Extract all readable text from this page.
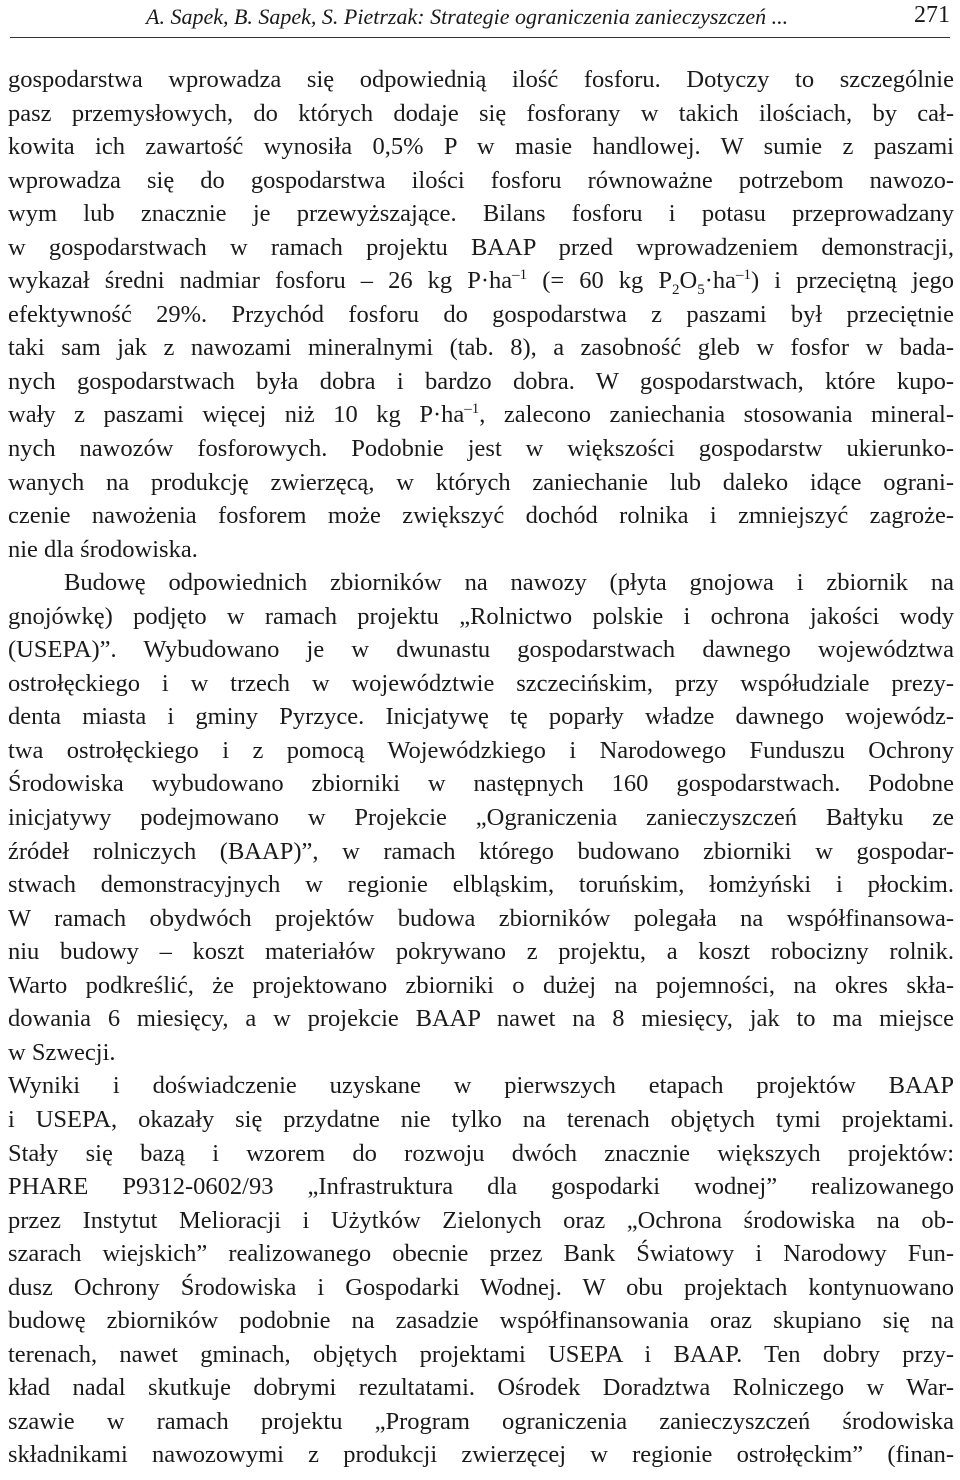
A. Sapek, B. Sapek, S. Pietrzak: Strategie ograniczenia zanieczyszczeń ...	271
gospodarstwa wprowadza się odpowiednią ilość fosforu. Dotyczy to szczególnie
pasz przemysłowych, do których dodaje się fosforany w takich ilościach, by cał-
kowita ich zawartość wynosiła 0,5% P w masie handlowej. W sumie z paszami
wprowadza się do gospodarstwa ilości fosforu równoważne potrzebom nawozo-
wym lub znacznie je przewyższające. Bilans fosforu i potasu przeprowadzany
w gospodarstwach w ramach projektu BAAP przed wprowadzeniem demonstracji,
wykazał średni nadmiar fosforu – 26 kg $P\cdot ha^{-1}$ (= 60 kg $P_2O_5\cdot ha^{-1}$) i przeciętną jego
efektywność 29%. Przychód fosforu do gospodarstwa z paszami był przeciętnie
taki sam jak z nawozami mineralnymi (tab. 8), a zasobność gleb w fosfor w bada-
nych gospodarstwach była dobra i bardzo dobra. W gospodarstwach, które kupo-
wały z paszami więcej niż 10 kg $P\cdot ha^{-1}$, zalecono zaniechania stosowania mineral-
nych nawozów fosforowych. Podobnie jest w większości gospodarstw ukierunko-
wanych na produkcję zwierzęcą, w których zaniechanie lub daleko idące ograni-
czenie nawożenia fosforem może zwiększyć dochód rolnika i zmniejszyć zagroże-
nie dla środowiska.
Budowę odpowiednich zbiorników na nawozy (płyta gnojowa i zbiornik na
gnojówkę) podjęto w ramach projektu „Rolnictwo polskie i ochrona jakości wody
(USEPA)”. Wybudowano je w dwunastu gospodarstwach dawnego województwa
ostrołęckiego i w trzech w województwie szczecińskim, przy współudziale prezy-
denta miasta i gminy Pyrzyce. Inicjatywę tę poparły władze dawnego wojewódz-
twa ostrołęckiego i z pomocą Wojewódzkiego i Narodowego Funduszu Ochrony
Środowiska wybudowano zbiorniki w następnych 160 gospodarstwach. Podobne
inicjatywy podejmowano w Projekcie „Ograniczenia zanieczyszczeń Bałtyku ze
źródeł rolniczych (BAAP)”, w ramach którego budowano zbiorniki w gospodar-
stwach demonstracyjnych w regionie elbląskim, toruńskim, łomżyński i płockim.
W ramach obydwóch projektów budowa zbiorników polegała na współfinansowa-
niu budowy – koszt materiałów pokrywano z projektu, a koszt robocizny rolnik.
Warto podkreślić, że projektowano zbiorniki o dużej na pojemności, na okres skła-
dowania 6 miesięcy, a w projekcie BAAP nawet na 8 miesięcy, jak to ma miejsce
w Szwecji.
Wyniki i doświadczenie uzyskane w pierwszych etapach projektów BAAP
i USEPA, okazały się przydatne nie tylko na terenach objętych tymi projektami.
Stały się bazą i wzorem do rozwoju dwóch znacznie większych projektów:
PHARE P9312-0602/93 „Infrastruktura dla gospodarki wodnej” realizowanego
przez Instytut Melioracji i Użytków Zielonych oraz „Ochrona środowiska na ob-
szarach wiejskich” realizowanego obecnie przez Bank Światowy i Narodowy Fun-
dusz Ochrony Środowiska i Gospodarki Wodnej. W obu projektach kontynuowano
budowę zbiorników podobnie na zasadzie współfinansowania oraz skupiano się na
terenach, nawet gminach, objętych projektami USEPA i BAAP. Ten dobry przy-
kład nadal skutkuje dobrymi rezultatami. Ośrodek Doradztwa Rolniczego w War-
szawie w ramach projektu „Program ograniczenia zanieczyszczeń środowiska
składnikami nawozowymi z produkcji zwierzęcej w regionie ostrołęckim” (finan-
